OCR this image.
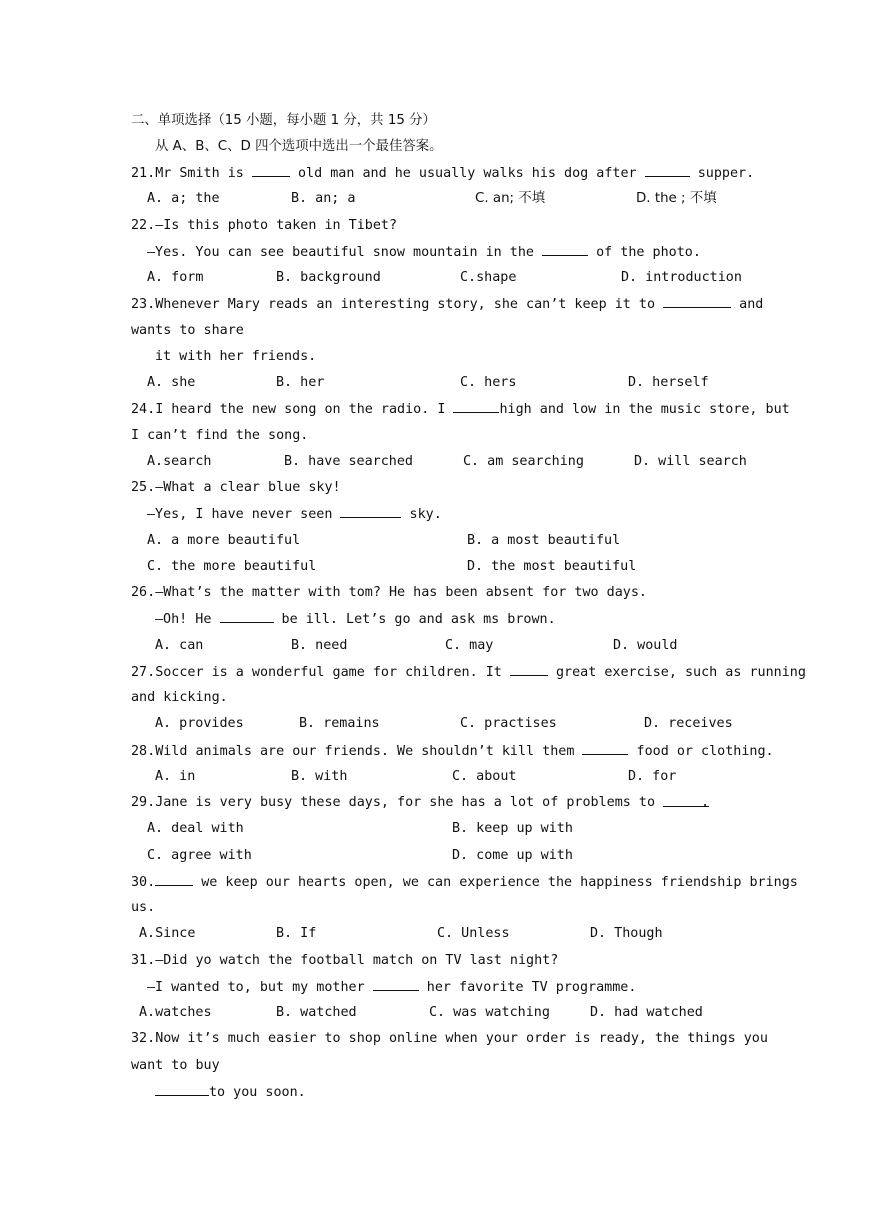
二、单项选择（15 小题，每小题 1 分，共 15 分）
从 A、B、C、D 四个选项中选出一个最佳答案。
21.Mr Smith is	old man and he usually walks his dog after	supper.
A. a; the	B. an; a	C. an; 不填	D. the ; 不填
22.—Is this photo taken in Tibet?
—Yes. You can see beautiful snow mountain in the	of the photo.
A. form	B. background	C.shape	D. introduction
23.Whenever Mary reads an interesting story, she can’t keep it to	and
wants to share
it with her friends.
A. she	B. her	C. hers	D. herself
24.I heard the new song on the radio. I	high and low in the music store, but
I can’t find the song.
A.search	B. have searched	C. am searching	D. will search
25.—What a clear blue sky!
—Yes, I have never seen	sky.
A. a more beautiful	B. a most beautiful
C. the more beautiful	D. the most beautiful
26.—What’s the matter with tom? He has been absent for two days.
—Oh! He	be ill. Let’s go and ask ms brown.
A. can	B. need	C. may	D. would
27.Soccer is a wonderful game for children. It	great exercise, such as running
and kicking.
A. provides	B. remains	C. practises	D. receives
28.Wild animals are our friends. We shouldn’t kill them	food or clothing.
A. in	B. with	C. about	D. for
29.Jane is very busy these days, for she has a lot of problems to	.
A. deal with	B. keep up with
C. agree with	D. come up with
30.	we keep our hearts open, we can experience the happiness friendship brings
us.
A.Since	B. If	C. Unless	D. Though
31.—Did yo watch the football match on TV last night?
—I wanted to, but my mother	her favorite TV programme.
A.watches	B. watched	C. was watching	D. had watched
32.Now it’s much easier to shop online when your order is ready, the things you
want to buy
to you soon.
